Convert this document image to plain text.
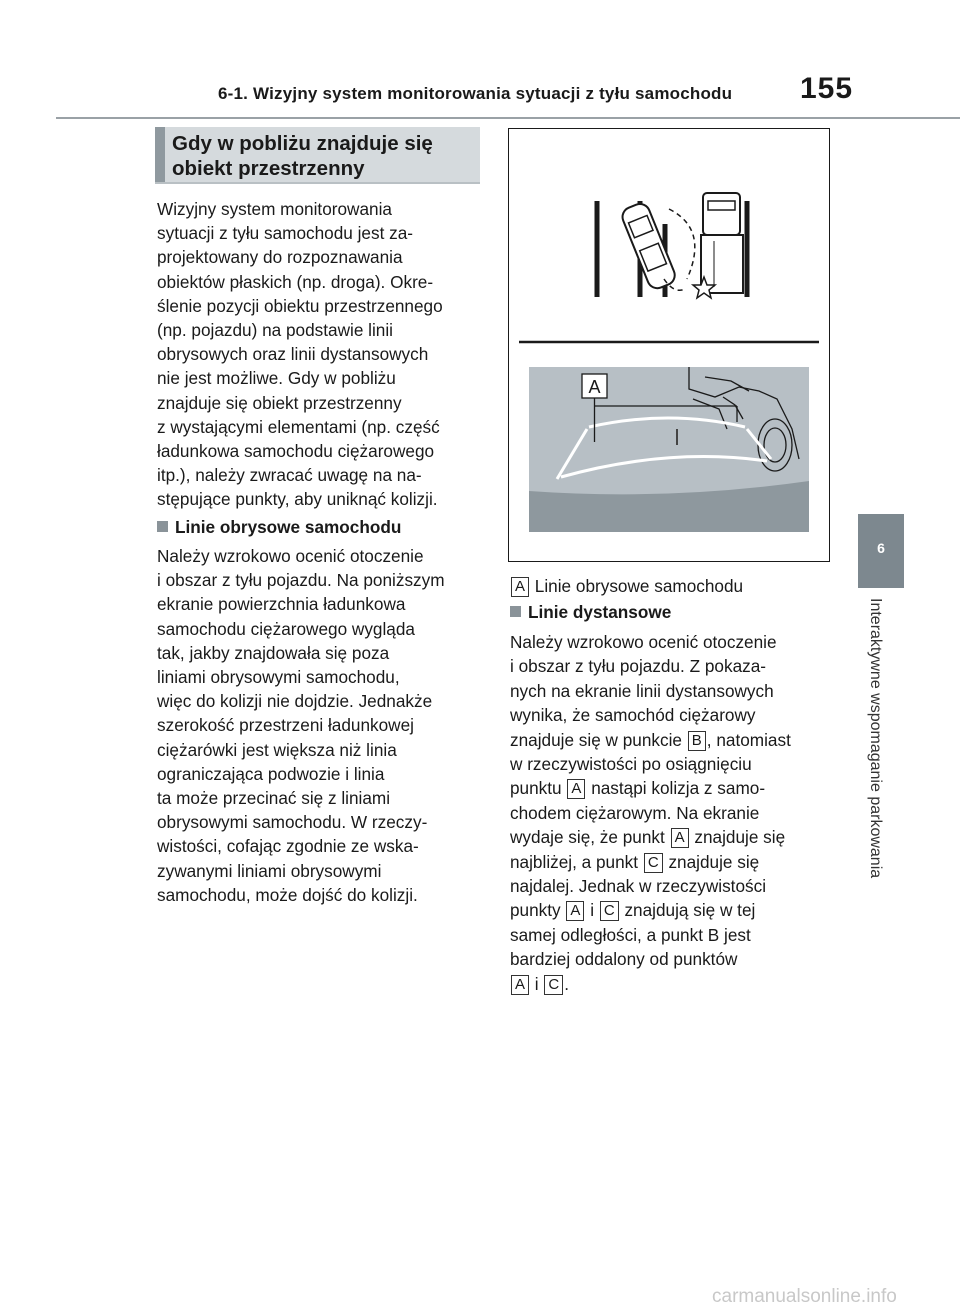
6-1. Wizyjny system monitorowania sytuacji z tyłu samochodu 155
6
Interaktywne wspomaganie parkowania
Gdy w pobliżu znajduje się
obiekt przestrzenny
Wizyjny system monitorowania
sytuacji z tyłu samochodu jest za-
projektowany do rozpoznawania
obiektów płaskich (np. droga). Okre-
ślenie pozycji obiektu przestrzennego
(np. pojazdu) na podstawie linii
obrysowych oraz linii dystansowych
nie jest możliwe. Gdy w pobliżu
znajduje się obiekt przestrzenny
z wystającymi elementami (np. część
ładunkowa samochodu ciężarowego
itp.), należy zwracać uwagę na na-
stępujące punkty, aby uniknąć kolizji.
Linie obrysowe samochodu
Należy wzrokowo ocenić otoczenie
i obszar z tyłu pojazdu. Na poniższym
ekranie powierzchnia ładunkowa
samochodu ciężarowego wygląda
tak, jakby znajdowała się poza
liniami obrysowymi samochodu,
więc do kolizji nie dojdzie. Jednakże
szerokość przestrzeni ładunkowej
ciężarówki jest większa niż linia
ograniczająca podwozie i linia
ta może przecinać się z liniami
obrysowymi samochodu. W rzeczy-
wistości, cofając zgodnie ze wska-
zywanymi liniami obrysowymi
samochodu, może dojść do kolizji.
A
A Linie obrysowe samochodu
Linie dystansowe
Należy wzrokowo ocenić otoczenie
i obszar z tyłu pojazdu. Z pokaza-
nych na ekranie linii dystansowych
wynika, że samochód ciężarowy
znajduje się w punkcie B , natomiast
w rzeczywistości po osiągnięciu
punktu A nastąpi kolizja z samo-
chodem ciężarowym. Na ekranie
wydaje się, że punkt A znajduje się
najbliżej, a punkt C znajduje się
najdalej. Jednak w rzeczywistości
punkty A i C znajdują się w tej
samej odległości, a punkt B jest
bardziej oddalony od punktów
A i C .
carmanualsonline.info
